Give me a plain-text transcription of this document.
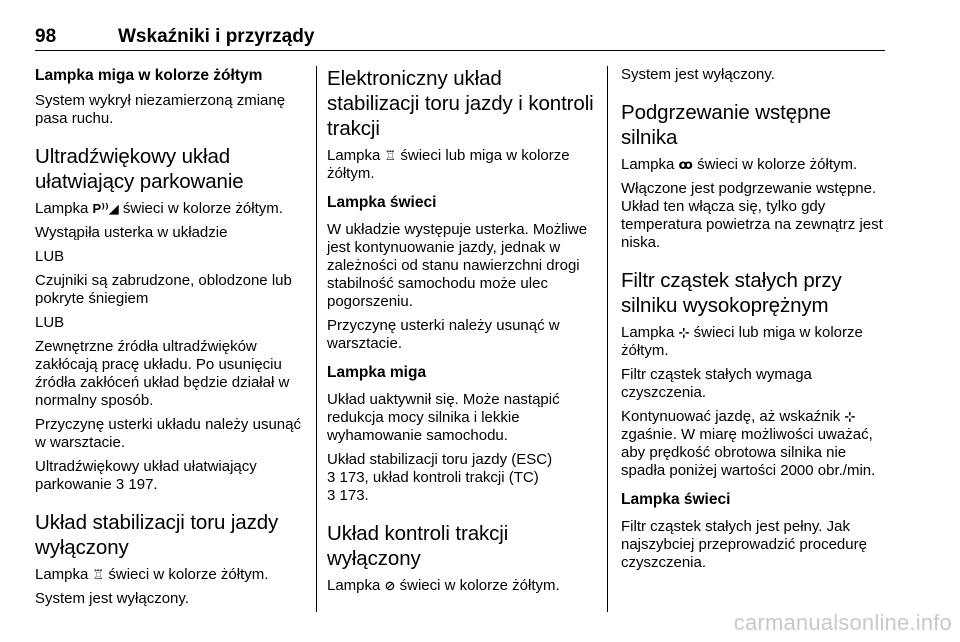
98	Wskaźniki i przyrządy
Lampka miga w kolorze żółtym
System wykrył niezamierzoną zmianę pasa ruchu.
Ultradźwiękowy układ ułatwiający parkowanie
Lampka P⁾⁾◢ świeci w kolorze żółtym.
Wystąpiła usterka w układzie
LUB
Czujniki są zabrudzone, oblodzone lub pokryte śniegiem
LUB
Zewnętrzne źródła ultradźwięków zakłócają pracę układu. Po usunięciu źródła zakłóceń układ będzie działał w normalny sposób.
Przyczynę usterki układu należy usunąć w warsztacie.
Ultradźwiękowy układ ułatwiający parkowanie 3 197.
Układ stabilizacji toru jazdy wyłączony
Lampka ♖ świeci w kolorze żółtym.
System jest wyłączony.
Elektroniczny układ stabilizacji toru jazdy i kontroli trakcji
Lampka ♖ świeci lub miga w kolorze żółtym.
Lampka świeci
W układzie występuje usterka. Możliwe jest kontynuowanie jazdy, jednak w zależności od stanu nawierzchni drogi stabilność samochodu może ulec pogorszeniu.
Przyczynę usterki należy usunąć w warsztacie.
Lampka miga
Układ uaktywnił się. Może nastąpić redukcja mocy silnika i lekkie wyhamowanie samochodu.
Układ stabilizacji toru jazdy (ESC)
3 173, układ kontroli trakcji (TC)
3 173.
Układ kontroli trakcji wyłączony
Lampka ⊘ świeci w kolorze żółtym.
System jest wyłączony.
Podgrzewanie wstępne silnika
Lampka ꝏ świeci w kolorze żółtym.
Włączone jest podgrzewanie wstępne. Układ ten włącza się, tylko gdy temperatura powietrza na zewnątrz jest niska.
Filtr cząstek stałych przy silniku wysokoprężnym
Lampka ⊹ świeci lub miga w kolorze żółtym.
Filtr cząstek stałych wymaga czyszczenia.
Kontynuować jazdę, aż wskaźnik ⊹ zgaśnie. W miarę możliwości uważać, aby prędkość obrotowa silnika nie spadła poniżej wartości 2000 obr./min.
Lampka świeci
Filtr cząstek stałych jest pełny. Jak najszybciej przeprowadzić procedurę czyszczenia.
carmanualsonline.info
